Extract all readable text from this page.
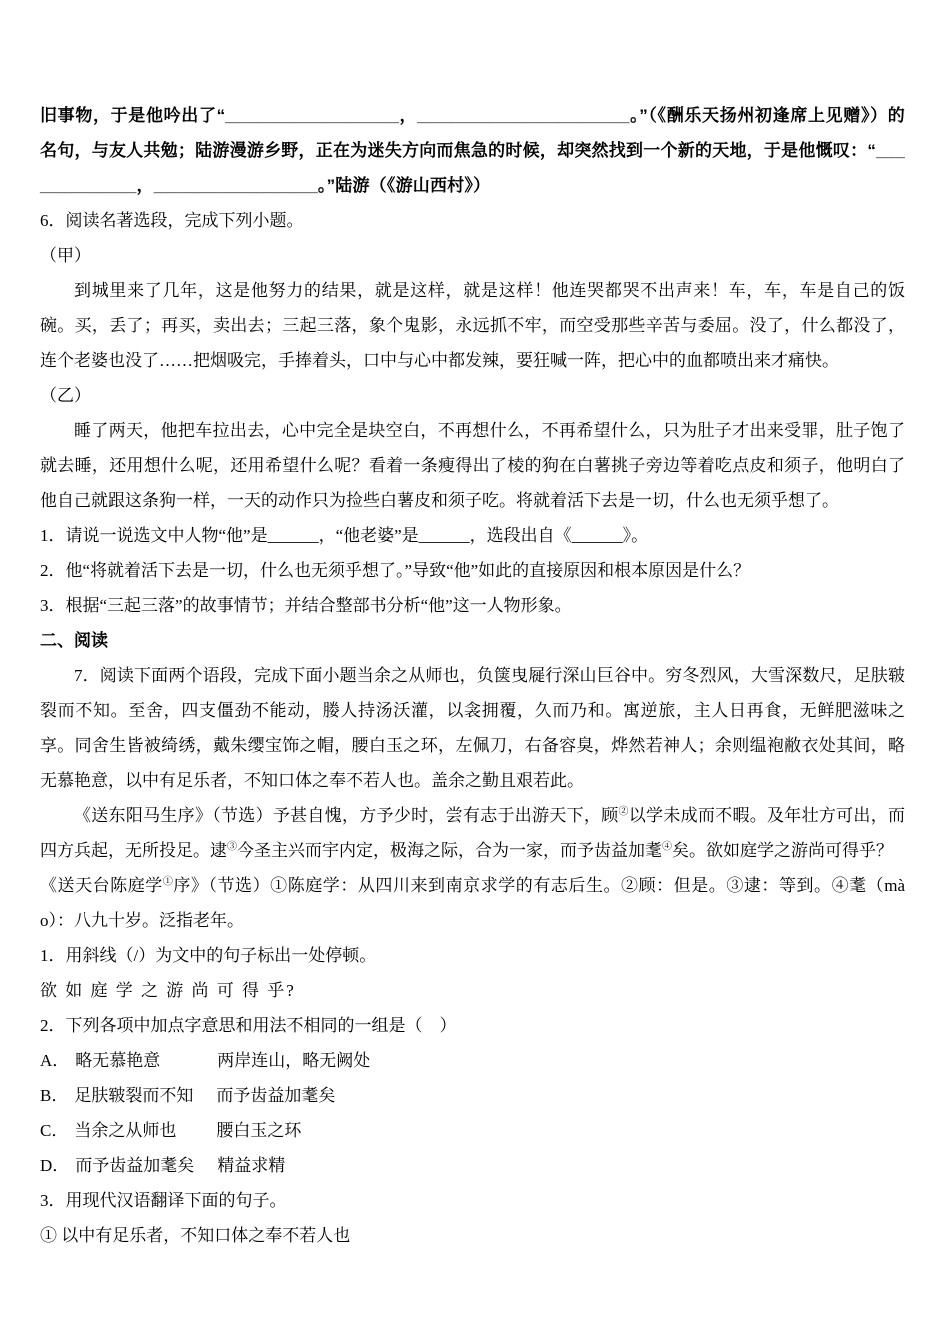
旧事物，于是他吟出了“__________________，______________________。”（《酬乐天扬州初逢席上见赠》）的名句，与友人共勉；陆游漫游乡野，正在为迷失方向而焦急的时候，却突然找到一个新的天地，于是他慨叹：“_____________，_________________。”陆游（《游山西村》）

6．阅读名著选段，完成下列小题。

（甲）

到城里来了几年，这是他努力的结果，就是这样，就是这样！他连哭都哭不出声来！车，车，车是自己的饭碗。买，丢了；再买，卖出去；三起三落，象个鬼影，永远抓不牢，而空受那些辛苦与委屈。没了，什么都没了，连个老婆也没了……把烟吸完，手捧着头，口中与心中都发辣，要狂喊一阵，把心中的血都喷出来才痛快。

（乙）

睡了两天，他把车拉出去，心中完全是块空白，不再想什么，不再希望什么，只为肚子才出来受罪，肚子饱了就去睡，还用想什么呢，还用希望什么呢？看着一条瘦得出了棱的狗在白薯挑子旁边等着吃点皮和须子，他明白了他自己就跟这条狗一样，一天的动作只为捡些白薯皮和须子吃。将就着活下去是一切，什么也无须乎想了。

1．请说一说选文中人物“他”是______，“他老婆”是______，选段出自《______》。

2．他“将就着活下去是一切，什么也无须乎想了。”导致“他”如此的直接原因和根本原因是什么？

3．根据“三起三落”的故事情节；并结合整部书分析“他”这一人物形象。

二、阅读

7．阅读下面两个语段，完成下面小题当余之从师也，负箧曳屣行深山巨谷中。穷冬烈风，大雪深数尺，足肤皲裂而不知。至舍，四支僵劲不能动，媵人持汤沃灌，以衾拥覆，久而乃和。寓逆旅，主人日再食，无鲜肥滋味之享。同舍生皆被绮绣，戴朱缨宝饰之帽，腰白玉之环，左佩刀，右备容臭，烨然若神人；余则缊袍敝衣处其间，略无慕艳意，以中有足乐者，不知口体之奉不若人也。盖余之勤且艰若此。

《送东阳马生序》（节选）予甚自愧，方予少时，尝有志于出游天下，顾②以学未成而不暇。及年壮方可出，而四方兵起，无所投足。逮③今圣主兴而宇内定，极海之际，合为一家，而予齿益加耄④矣。欲如庭学之游尚可得乎？

《送天台陈庭学①序》（节选）①陈庭学：从四川来到南京求学的有志后生。②顾：但是。③逮：等到。④耄（mào）：八九十岁。泛指老年。

1．用斜线（/）为文中的句子标出一处停顿。

欲 如 庭 学 之 游 尚 可 得 乎?

2．下列各项中加点字意思和用法不相同的一组是（　）

A． 略无慕艳意	两岸连山，略无阙处

B． 足肤皲裂而不知 而予齿益加耄矣

C． 当余之从师也 腰白玉之环

D． 而予齿益加耄矣 精益求精

3．用现代汉语翻译下面的句子。

① 以中有足乐者，不知口体之奉不若人也
